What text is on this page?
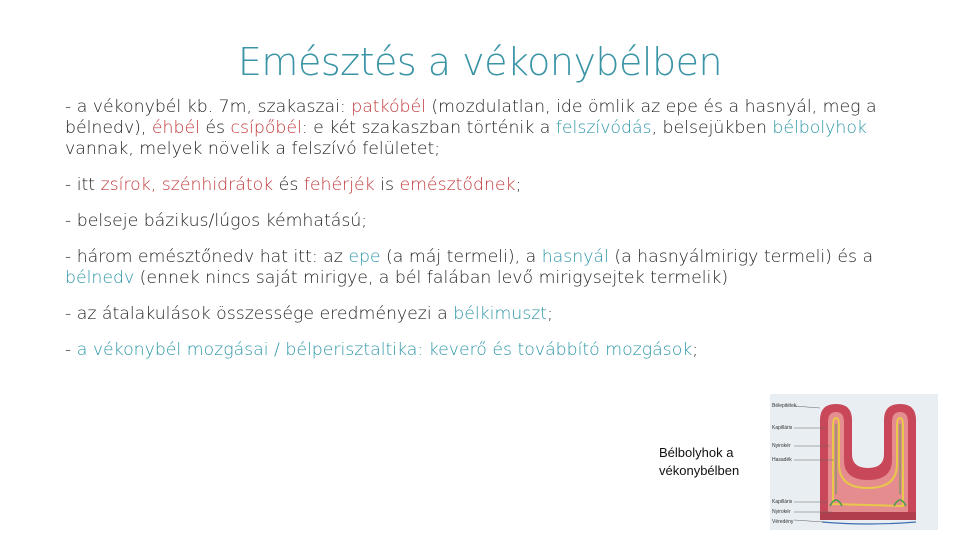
Emésztés a vékonybélben

- a vékonybél kb. 7m, szakaszai: patkóbél (mozdulatlan, ide ömlik az epe és a hasnyál, meg a bélnedv), éhbél és csípőbél: e két szakaszban történik a felszívódás, belsejükben bélbolyhok vannak, melyek növelik a felszívó felületet;

- itt zsírok, szénhidrátok és fehérjék is emésztődnek;

- belseje bázikus/lúgos kémhatású;

- három emésztőnedv hat itt: az epe (a máj termeli), a hasnyál (a hasnyálmirigy termeli) és a bélnedv (ennek nincs saját mirigye, a bél falában levő mirigysejtek termelik)

- az átalakulások összessége eredményezi a bélkimuszt;

- a vékonybél mozgásai / bélperisztaltika: keverő és továbbító mozgások;

Bélbolyhok a
vékonybélben
Bélepitélek
Kapilláris
Nyirokér
Hasadék
Kapilláris
Nyirokér
Véredény
